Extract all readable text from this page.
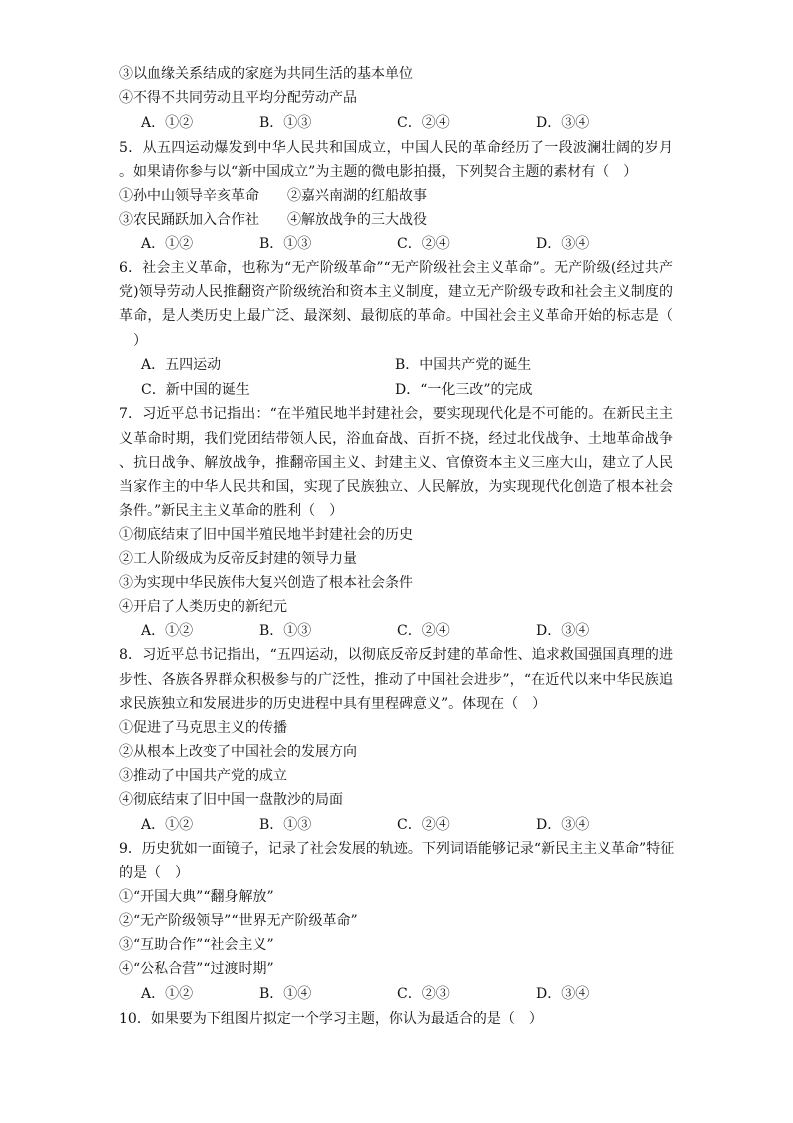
③以血缘关系结成的家庭为共同生活的基本单位
④不得不共同劳动且平均分配劳动产品
A．①②	B．①③	C．②④	D．③④
5．从五四运动爆发到中华人民共和国成立，中国人民的革命经历了一段波澜壮阔的岁月
。如果请你参与以“新中国成立”为主题的微电影拍摄，下列契合主题的素材有（　）
①孙中山领导辛亥革命　　②嘉兴南湖的红船故事
③农民踊跃加入合作社　　④解放战争的三大战役
A．①②	B．①③	C．②④	D．③④
6．社会主义革命，也称为“无产阶级革命”“无产阶级社会主义革命”。无产阶级(经过共产
党)领导劳动人民推翻资产阶级统治和资本主义制度，建立无产阶级专政和社会主义制度的
革命，是人类历史上最广泛、最深刻、最彻底的革命。中国社会主义革命开始的标志是（
　）
A．五四运动	B．中国共产党的诞生
C．新中国的诞生	D．“一化三改”的完成
7．习近平总书记指出：“在半殖民地半封建社会，要实现现代化是不可能的。在新民主主
义革命时期，我们党团结带领人民，浴血奋战、百折不挠，经过北伐战争、土地革命战争
、抗日战争、解放战争，推翻帝国主义、封建主义、官僚资本主义三座大山，建立了人民
当家作主的中华人民共和国，实现了民族独立、人民解放，为实现现代化创造了根本社会
条件。”新民主主义革命的胜利（　）
①彻底结束了旧中国半殖民地半封建社会的历史
②工人阶级成为反帝反封建的领导力量
③为实现中华民族伟大复兴创造了根本社会条件
④开启了人类历史的新纪元
A．①②	B．①③	C．②④	D．③④
8．习近平总书记指出，“五四运动，以彻底反帝反封建的革命性、追求救国强国真理的进
步性、各族各界群众积极参与的广泛性，推动了中国社会进步”，“在近代以来中华民族追
求民族独立和发展进步的历史进程中具有里程碑意义”。体现在（　）
①促进了马克思主义的传播
②从根本上改变了中国社会的发展方向
③推动了中国共产党的成立
④彻底结束了旧中国一盘散沙的局面
A．①②	B．①③	C．②④	D．③④
9．历史犹如一面镜子，记录了社会发展的轨迹。下列词语能够记录“新民主主义革命”特征
的是（　）
①“开国大典”“翻身解放”
②“无产阶级领导”“世界无产阶级革命”
③“互助合作”“社会主义”
④“公私合营”“过渡时期”
A．①②	B．①④	C．②③	D．③④
10．如果要为下组图片拟定一个学习主题，你认为最适合的是（　）
